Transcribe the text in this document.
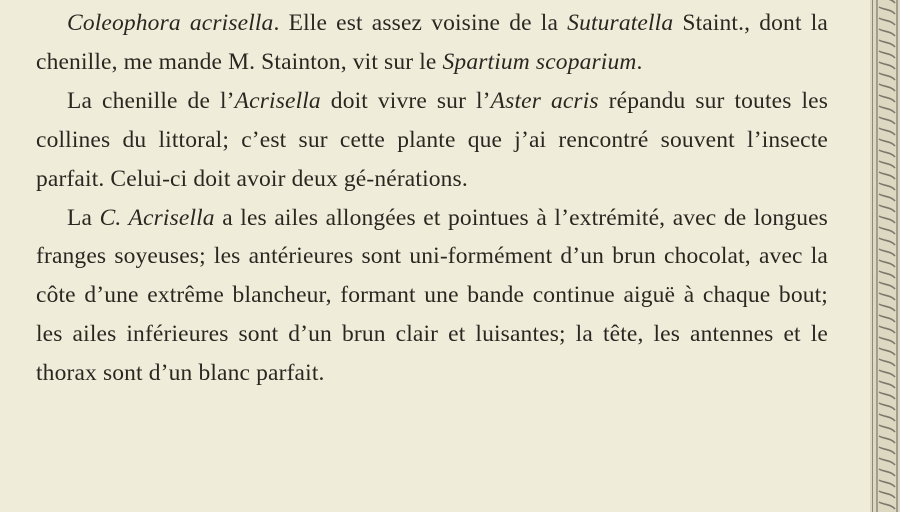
Coleophora acrisella. Elle est assez voisine de la Suturatella Staint., dont la chenille, me mande M. Stainton, vit sur le Spartium scoparium.

La chenille de l’Acrisella doit vivre sur l’Aster acris répandu sur toutes les collines du littoral; c’est sur cette plante que j’ai rencontré souvent l’insecte parfait. Celui-ci doit avoir deux gé-nérations.

La C. Acrisella a les ailes allongées et pointues à l’extrémité, avec de longues franges soyeuses; les antérieures sont uni-formément d’un brun chocolat, avec la côte d’une extrême blancheur, formant une bande continue aiguë à chaque bout; les ailes inférieures sont d’un brun clair et luisantes; la tête, les antennes et le thorax sont d’un blanc parfait.
